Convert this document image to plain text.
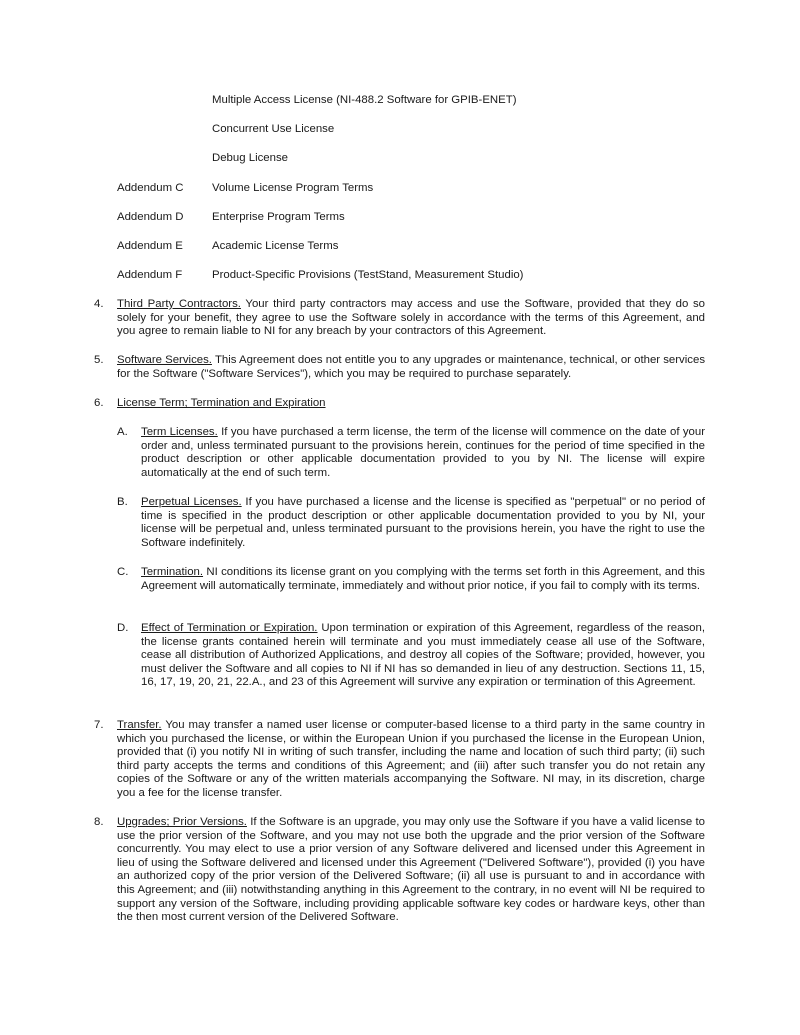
Multiple Access License (NI-488.2 Software for GPIB-ENET)
Concurrent Use License
Debug License
Addendum C	Volume License Program Terms
Addendum D	Enterprise Program Terms
Addendum E	Academic License Terms
Addendum F	Product-Specific Provisions (TestStand, Measurement Studio)
4. Third Party Contractors. Your third party contractors may access and use the Software, provided that they do so solely for your benefit, they agree to use the Software solely in accordance with the terms of this Agreement, and you agree to remain liable to NI for any breach by your contractors of this Agreement.
5. Software Services. This Agreement does not entitle you to any upgrades or maintenance, technical, or other services for the Software ("Software Services"), which you may be required to purchase separately.
6. License Term; Termination and Expiration
A. Term Licenses. If you have purchased a term license, the term of the license will commence on the date of your order and, unless terminated pursuant to the provisions herein, continues for the period of time specified in the product description or other applicable documentation provided to you by NI. The license will expire automatically at the end of such term.
B. Perpetual Licenses. If you have purchased a license and the license is specified as "perpetual" or no period of time is specified in the product description or other applicable documentation provided to you by NI, your license will be perpetual and, unless terminated pursuant to the provisions herein, you have the right to use the Software indefinitely.
C. Termination. NI conditions its license grant on you complying with the terms set forth in this Agreement, and this Agreement will automatically terminate, immediately and without prior notice, if you fail to comply with its terms.
D. Effect of Termination or Expiration. Upon termination or expiration of this Agreement, regardless of the reason, the license grants contained herein will terminate and you must immediately cease all use of the Software, cease all distribution of Authorized Applications, and destroy all copies of the Software; provided, however, you must deliver the Software and all copies to NI if NI has so demanded in lieu of any destruction. Sections 11, 15, 16, 17, 19, 20, 21, 22.A., and 23 of this Agreement will survive any expiration or termination of this Agreement.
7. Transfer. You may transfer a named user license or computer-based license to a third party in the same country in which you purchased the license, or within the European Union if you purchased the license in the European Union, provided that (i) you notify NI in writing of such transfer, including the name and location of such third party; (ii) such third party accepts the terms and conditions of this Agreement; and (iii) after such transfer you do not retain any copies of the Software or any of the written materials accompanying the Software. NI may, in its discretion, charge you a fee for the license transfer.
8. Upgrades; Prior Versions. If the Software is an upgrade, you may only use the Software if you have a valid license to use the prior version of the Software, and you may not use both the upgrade and the prior version of the Software concurrently. You may elect to use a prior version of any Software delivered and licensed under this Agreement in lieu of using the Software delivered and licensed under this Agreement ("Delivered Software"), provided (i) you have an authorized copy of the prior version of the Delivered Software; (ii) all use is pursuant to and in accordance with this Agreement; and (iii) notwithstanding anything in this Agreement to the contrary, in no event will NI be required to support any version of the Software, including providing applicable software key codes or hardware keys, other than the then most current version of the Delivered Software.
